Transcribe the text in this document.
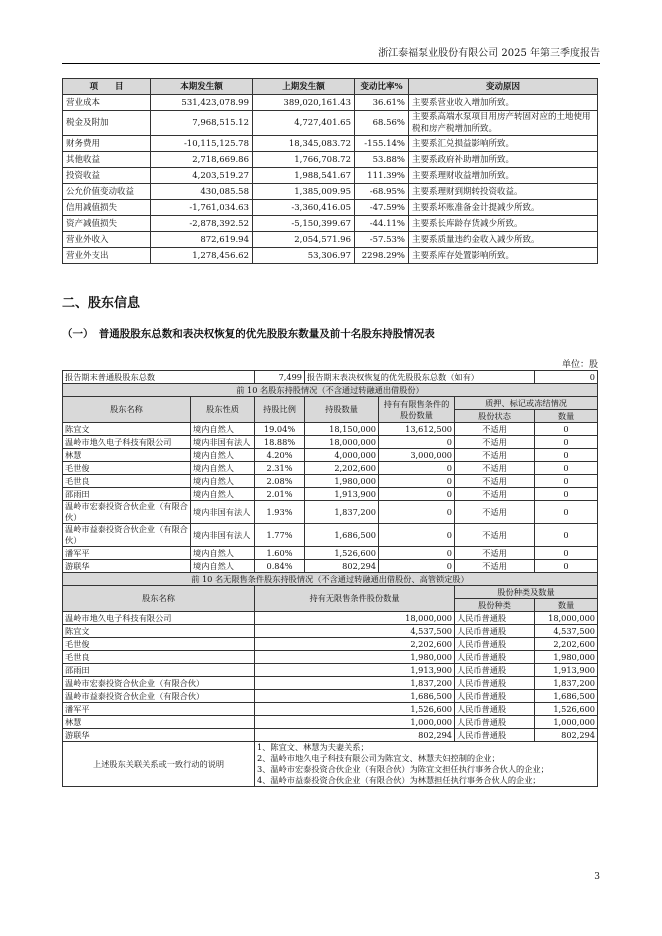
浙江泰福泵业股份有限公司 2025 年第三季度报告
项　　目	本期发生额	上期发生额	变动比率%	变动原因
营业成本	531,423,078.99	389,020,161.43	36.61%	主要系营业收入增加所致。
税金及附加	7,968,515.12	4,727,401.65	68.56%	主要系高端水泵项目用房产转固对应的土地使用税和房产税增加所致。
财务费用	-10,115,125.78	18,345,083.72	-155.14%	主要系汇兑损益影响所致。
其他收益	2,718,669.86	1,766,708.72	53.88%	主要系政府补助增加所致。
投资收益	4,203,519.27	1,988,541.67	111.39%	主要系理财收益增加所致。
公允价值变动收益	430,085.58	1,385,009.95	-68.95%	主要系理财到期转投资收益。
信用减值损失	-1,761,034.63	-3,360,416.05	-47.59%	主要系坏账准备金计提减少所致。
资产减值损失	-2,878,392.52	-5,150,399.67	-44.11%	主要系长库龄存货减少所致。
营业外收入	872,619.94	2,054,571.96	-57.53%	主要系质量违约金收入减少所致。
营业外支出	1,278,456.62	53,306.97	2298.29%	主要系库存处置影响所致。
二、股东信息
（一）　普通股股东总数和表决权恢复的优先股股东数量及前十名股东持股情况表
单位：股
报告期末普通股股东总数		7,499	报告期末表决权恢复的优先股股东总数（如有）			0
前 10 名股东持股情况（不含通过转融通出借股份）						
股东名称	股东性质	持股比例	持股数量	持有有限售条件的股份数量	质押、标记或冻结情况	
					股份状态	数量
陈宜文	境内自然人	19.04%	18,150,000	13,612,500	不适用	0
温岭市地久电子科技有限公司	境内非国有法人	18.88%	18,000,000	0	不适用	0
林慧	境内自然人	4.20%	4,000,000	3,000,000	不适用	0
毛世俊	境内自然人	2.31%	2,202,600	0	不适用	0
毛世良	境内自然人	2.08%	1,980,000	0	不适用	0
邵雨田	境内自然人	2.01%	1,913,900	0	不适用	0
温岭市宏泰投资合伙企业（有限合伙）	境内非国有法人	1.93%	1,837,200	0	不适用	0
温岭市益泰投资合伙企业（有限合伙）	境内非国有法人	1.77%	1,686,500	0	不适用	0
潘军平	境内自然人	1.60%	1,526,600	0	不适用	0
游联华	境内自然人	0.84%	802,294	0	不适用	0
前 10 名无限售条件股东持股情况（不含通过转融通出借股份、高管锁定股）						
股东名称		持有无限售条件股份数量			股份种类及数量	
					股份种类	数量
温岭市地久电子科技有限公司		18,000,000			人民币普通股	18,000,000
陈宜文		4,537,500			人民币普通股	4,537,500
毛世俊		2,202,600			人民币普通股	2,202,600
毛世良		1,980,000			人民币普通股	1,980,000
邵雨田		1,913,900			人民币普通股	1,913,900
温岭市宏泰投资合伙企业（有限合伙）		1,837,200			人民币普通股	1,837,200
温岭市益泰投资合伙企业（有限合伙）		1,686,500			人民币普通股	1,686,500
潘军平		1,526,600			人民币普通股	1,526,600
林慧		1,000,000			人民币普通股	1,000,000
游联华		802,294			人民币普通股	802,294
上述股东关联关系或一致行动的说明		1、陈宜文、林慧为夫妻关系；
2、温岭市地久电子科技有限公司为陈宜文、林慧夫妇控制的企业；
3、温岭市宏泰投资合伙企业（有限合伙）为陈宜文担任执行事务合伙人的企业；
4、温岭市益泰投资合伙企业（有限合伙）为林慧担任执行事务合伙人的企业；				
3
